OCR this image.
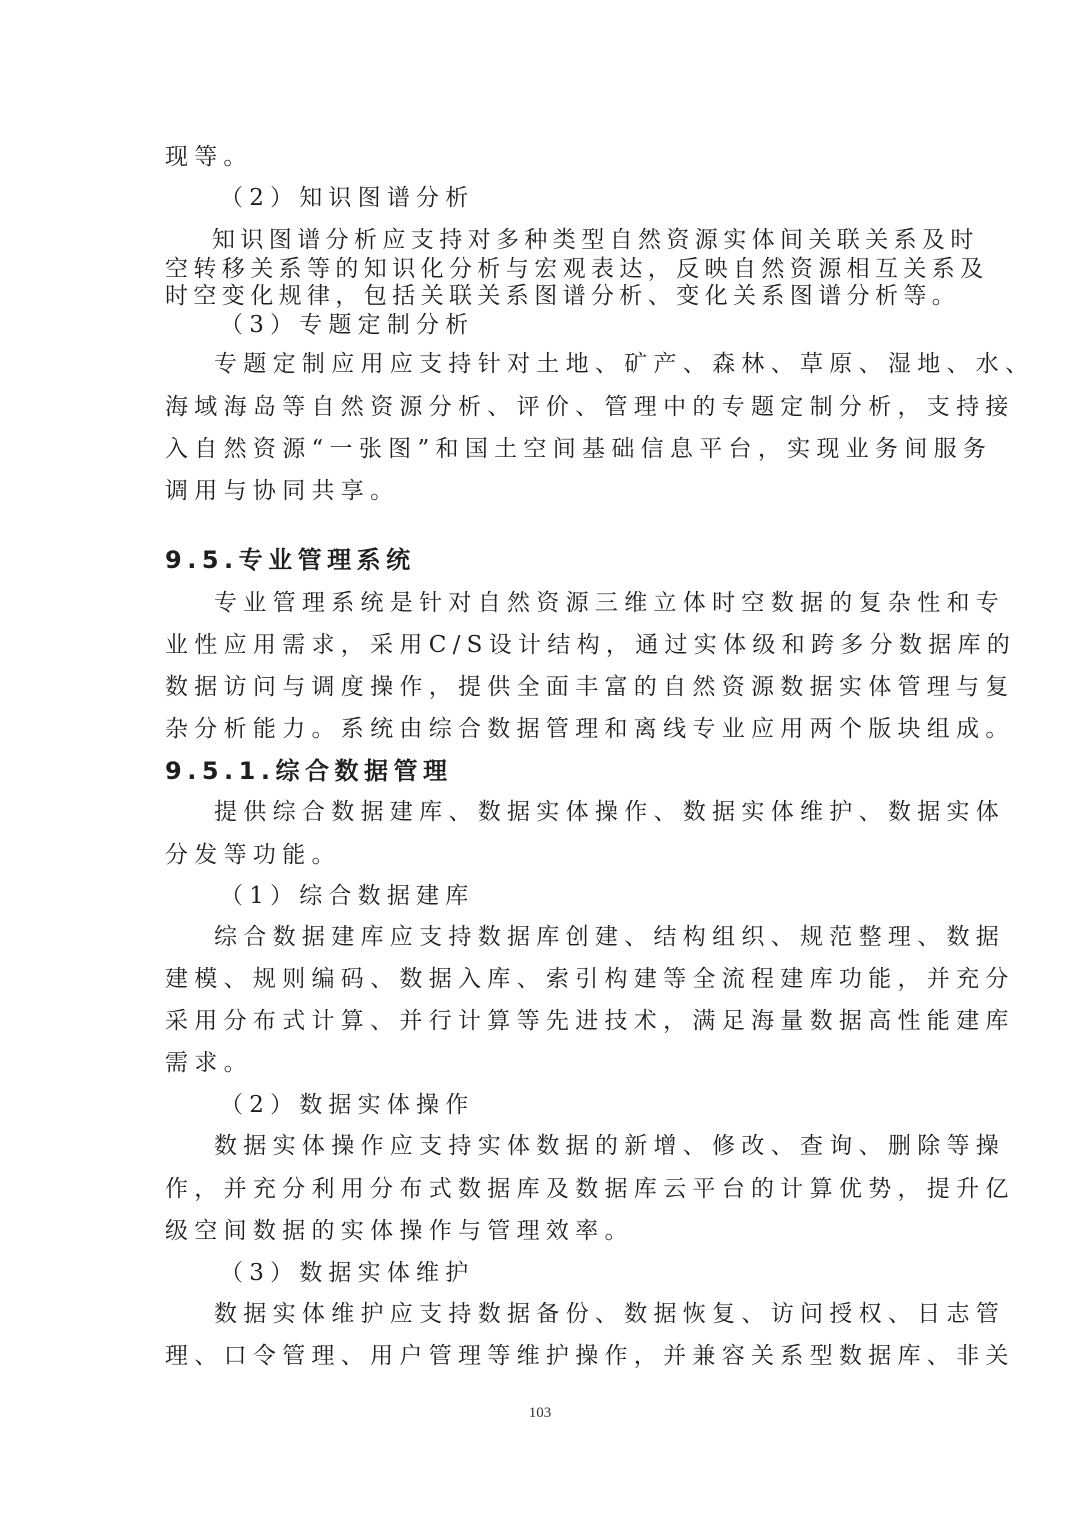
现等。
（2）知识图谱分析
知识图谱分析应支持对多种类型自然资源实体间关联关系及时
空转移关系等的知识化分析与宏观表达，反映自然资源相互关系及
时空变化规律，包括关联关系图谱分析、变化关系图谱分析等。
（3）专题定制分析
专题定制应用应支持针对土地、矿产、森林、草原、湿地、水、
海域海岛等自然资源分析、评价、管理中的专题定制分析，支持接
入自然资源“一张图”和国土空间基础信息平台，实现业务间服务
调用与协同共享。
9.5.专业管理系统
专业管理系统是针对自然资源三维立体时空数据的复杂性和专
业性应用需求，采用C/S设计结构，通过实体级和跨多分数据库的
数据访问与调度操作，提供全面丰富的自然资源数据实体管理与复
杂分析能力。系统由综合数据管理和离线专业应用两个版块组成。
9.5.1.综合数据管理
提供综合数据建库、数据实体操作、数据实体维护、数据实体
分发等功能。
（1）综合数据建库
综合数据建库应支持数据库创建、结构组织、规范整理、数据
建模、规则编码、数据入库、索引构建等全流程建库功能，并充分
采用分布式计算、并行计算等先进技术，满足海量数据高性能建库
需求。
（2）数据实体操作
数据实体操作应支持实体数据的新增、修改、查询、删除等操
作，并充分利用分布式数据库及数据库云平台的计算优势，提升亿
级空间数据的实体操作与管理效率。
（3）数据实体维护
数据实体维护应支持数据备份、数据恢复、访问授权、日志管
理、口令管理、用户管理等维护操作，并兼容关系型数据库、非关
103
